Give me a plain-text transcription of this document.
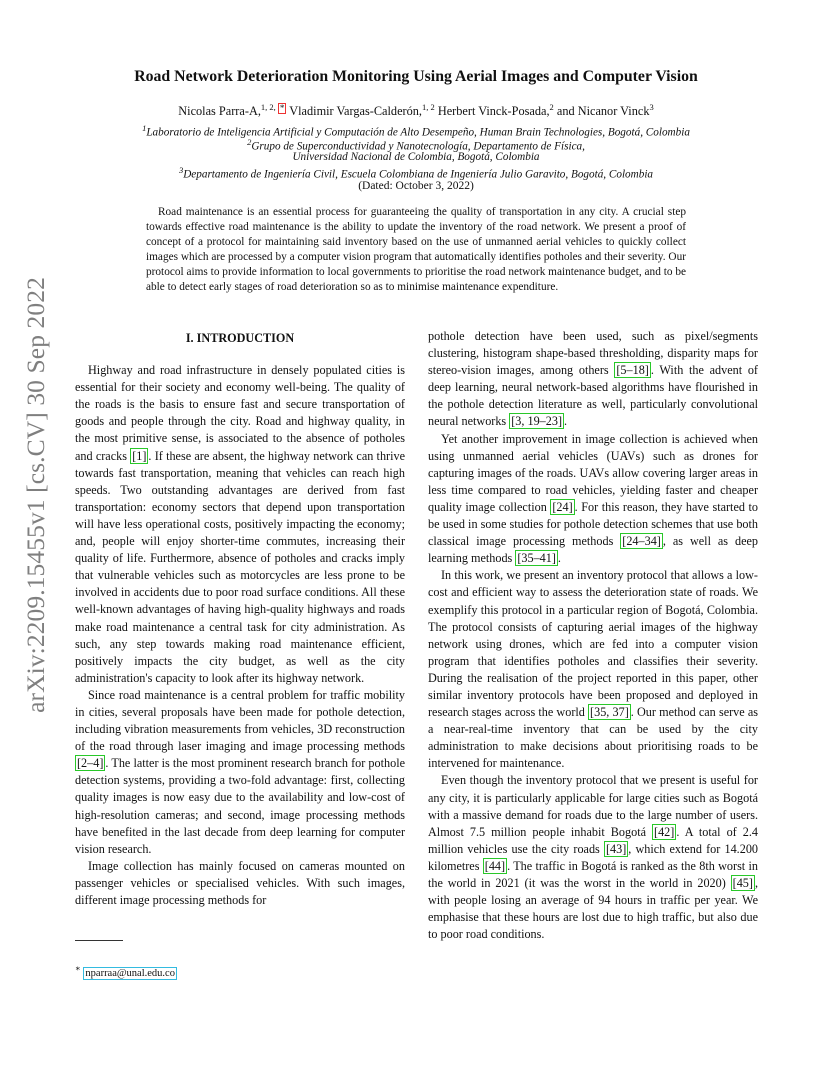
arXiv:2209.15455v1 [cs.CV] 30 Sep 2022
Road Network Deterioration Monitoring Using Aerial Images and Computer Vision
Nicolas Parra-A,$^{1, 2,}$ * Vladimir Vargas-Calderón,$^{1, 2}$ Herbert Vinck-Posada,$^2$ and Nicanor Vinck$^3$
$^1$Laboratorio de Inteligencia Artificial y Computación de Alto Desempeño, Human Brain Technologies, Bogotá, Colombia
$^2$Grupo de Superconductividad y Nanotecnología, Departamento de Física,
Universidad Nacional de Colombia, Bogotá, Colombia
$^3$Departamento de Ingeniería Civil, Escuela Colombiana de Ingeniería Julio Garavito, Bogotá, Colombia
(Dated: October 3, 2022)
Road maintenance is an essential process for guaranteeing the quality of transportation in any city. A crucial step towards effective road maintenance is the ability to update the inventory of the road network. We present a proof of concept of a protocol for maintaining said inventory based on the use of unmanned aerial vehicles to quickly collect images which are processed by a computer vision program that automatically identifies potholes and their severity. Our protocol aims to provide information to local governments to prioritise the road network maintenance budget, and to be able to detect early stages of road deterioration so as to minimise maintenance expenditure.
I. INTRODUCTION

Highway and road infrastructure in densely populated cities is essential for their society and economy well-being. The quality of the roads is the basis to ensure fast and secure transportation of goods and people through the city. Road and highway quality, in the most primitive sense, is associated to the absence of potholes and cracks [1] . If these are absent, the highway network can thrive towards fast transportation, meaning that vehicles can reach high speeds. Two outstanding advantages are derived from fast transportation: economy sectors that depend upon transportation will have less operational costs, positively impacting the economy; and, people will enjoy shorter-time commutes, increasing their quality of life. Furthermore, absence of potholes and cracks imply that vulnerable vehicles such as motorcycles are less prone to be involved in accidents due to poor road surface conditions. All these well-known advantages of having high-quality highways and roads make road maintenance a central task for city administration. As such, any step towards making road maintenance efficient, positively impacts the city budget, as well as the city administration's capacity to look after its highway network.

Since road maintenance is a central problem for traffic mobility in cities, several proposals have been made for pothole detection, including vibration measurements from vehicles, 3D reconstruction of the road through laser imaging and image processing methods [2–4] . The latter is the most prominent research branch for pothole detection systems, providing a two-fold advantage: first, collecting quality images is now easy due to the availability and low-cost of high-resolution cameras; and second, image processing methods have benefited in the last decade from deep learning for computer vision research.

Image collection has mainly focused on cameras mounted on passenger vehicles or specialised vehicles. With such images, different image processing methods for

pothole detection have been used, such as pixel/segments clustering, histogram shape-based thresholding, disparity maps for stereo-vision images, among others [5–18] . With the advent of deep learning, neural network-based algorithms have flourished in the pothole detection literature as well, particularly convolutional neural networks [3, 19–23] .

Yet another improvement in image collection is achieved when using unmanned aerial vehicles (UAVs) such as drones for capturing images of the roads. UAVs allow covering larger areas in less time compared to road vehicles, yielding faster and cheaper quality image collection [24] . For this reason, they have started to be used in some studies for pothole detection schemes that use both classical image processing methods [24–34] , as well as deep learning methods [35–41] .

In this work, we present an inventory protocol that allows a low-cost and efficient way to assess the deterioration state of roads. We exemplify this protocol in a particular region of Bogotá, Colombia. The protocol consists of capturing aerial images of the highway network using drones, which are fed into a computer vision program that identifies potholes and classifies their severity. During the realisation of the project reported in this paper, other similar inventory protocols have been proposed and deployed in research stages across the world [35, 37] . Our method can serve as a near-real-time inventory that can be used by the city administration to make decisions about prioritising roads to be intervened for maintenance.

Even though the inventory protocol that we present is useful for any city, it is particularly applicable for large cities such as Bogotá with a massive demand for roads due to the large number of users. Almost 7.5 million people inhabit Bogotá [42] . A total of 2.4 million vehicles use the city roads [43] , which extend for 14.200 kilometres [44] . The traffic in Bogotá is ranked as the 8th worst in the world in 2021 (it was the worst in the world in 2020) [45] , with people losing an average of 94 hours in traffic per year. We emphasise that these hours are lost due to high traffic, but also due to poor road conditions.

∗ nparraa@unal.edu.co
